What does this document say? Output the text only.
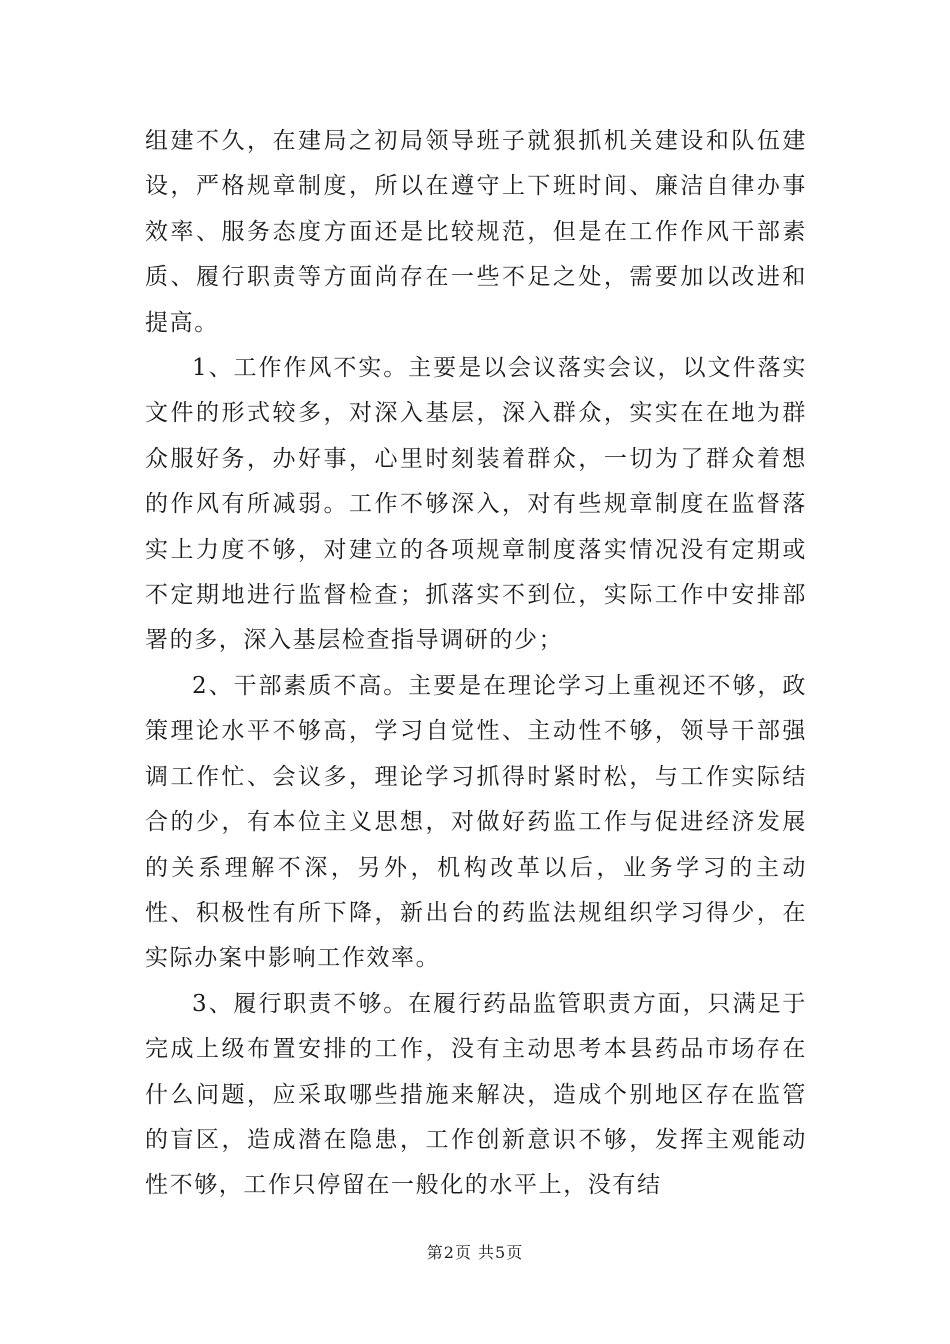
组建不久，在建局之初局领导班子就狠抓机关建设和队伍建设，严格规章制度，所以在遵守上下班时间、廉洁自律办事效率、服务态度方面还是比较规范，但是在工作作风干部素质、履行职责等方面尚存在一些不足之处，需要加以改进和提高。

1、工作作风不实。主要是以会议落实会议，以文件落实文件的形式较多，对深入基层，深入群众，实实在在地为群众服好务，办好事，心里时刻装着群众，一切为了群众着想的作风有所减弱。工作不够深入，对有些规章制度在监督落实上力度不够，对建立的各项规章制度落实情况没有定期或不定期地进行监督检查；抓落实不到位，实际工作中安排部署的多，深入基层检查指导调研的少；

2、干部素质不高。主要是在理论学习上重视还不够，政策理论水平不够高，学习自觉性、主动性不够，领导干部强调工作忙、会议多，理论学习抓得时紧时松，与工作实际结合的少，有本位主义思想，对做好药监工作与促进经济发展的关系理解不深，另外，机构改革以后，业务学习的主动性、积极性有所下降，新出台的药监法规组织学习得少，在实际办案中影响工作效率。

3、履行职责不够。在履行药品监管职责方面，只满足于完成上级布置安排的工作，没有主动思考本县药品市场存在什么问题，应采取哪些措施来解决，造成个别地区存在监管的盲区，造成潜在隐患，工作创新意识不够，发挥主观能动性不够，工作只停留在一般化的水平上，没有结

第2页 共5页
